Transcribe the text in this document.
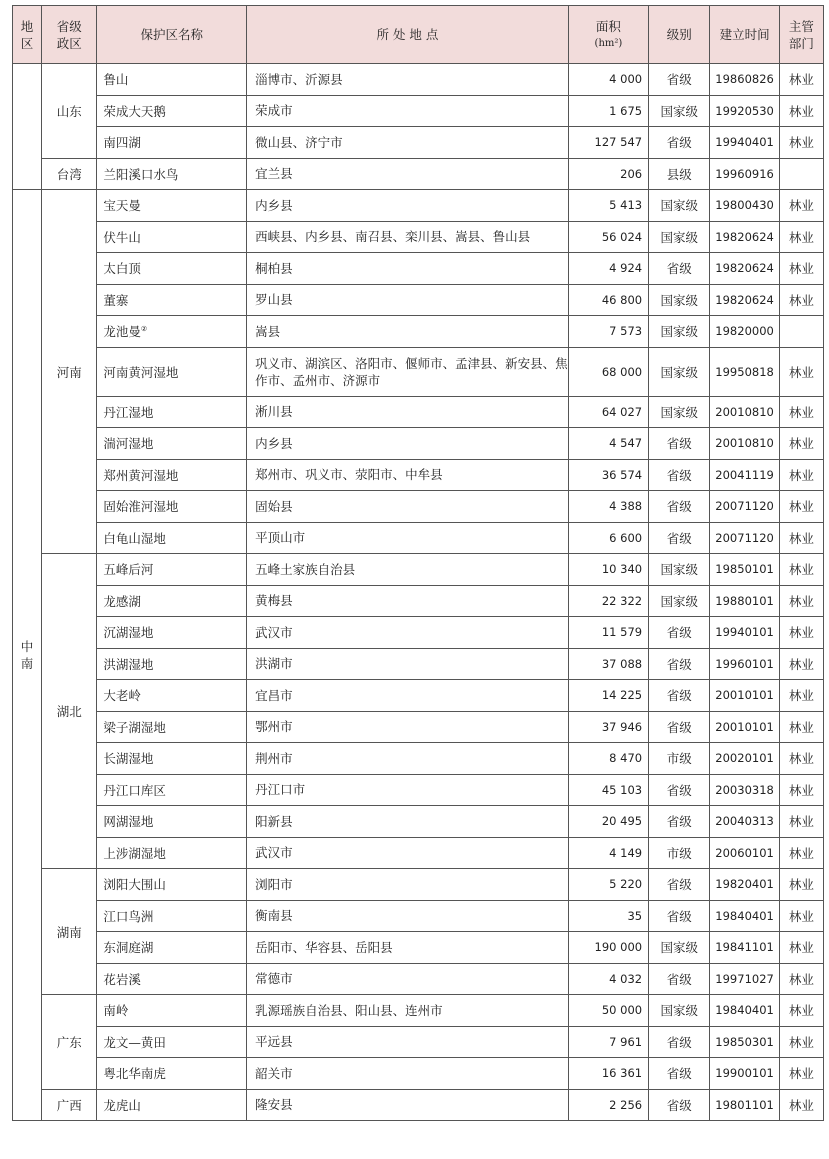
地区	省级政区	保护区名称	所 处 地 点	面积
(hm²)	级别	建立时间	主管部门
	山东	鲁山	淄博市、沂源县	4 000	省级	19860826	林业
		荣成大天鹅	荣成市	1 675	国家级	19920530	林业
		南四湖	微山县、济宁市	127 547	省级	19940401	林业
	台湾	兰阳溪口水鸟	宜兰县	206	县级	19960916	
中南	河南	宝天曼	内乡县	5 413	国家级	19800430	林业
		伏牛山	西峡县、内乡县、南召县、栾川县、嵩县、鲁山县	56 024	国家级	19820624	林业
		太白顶	桐柏县	4 924	省级	19820624	林业
		董寨	罗山县	46 800	国家级	19820624	林业
		龙池曼②	嵩县	7 573	国家级	19820000	
		河南黄河湿地	巩义市、湖滨区、洛阳市、偃师市、孟津县、新安县、焦作市、孟州市、济源市	68 000	国家级	19950818	林业
		丹江湿地	淅川县	64 027	国家级	20010810	林业
		湍河湿地	内乡县	4 547	省级	20010810	林业
		郑州黄河湿地	郑州市、巩义市、荥阳市、中牟县	36 574	省级	20041119	林业
		固始淮河湿地	固始县	4 388	省级	20071120	林业
		白龟山湿地	平顶山市	6 600	省级	20071120	林业
	湖北	五峰后河	五峰土家族自治县	10 340	国家级	19850101	林业
		龙感湖	黄梅县	22 322	国家级	19880101	林业
		沉湖湿地	武汉市	11 579	省级	19940101	林业
		洪湖湿地	洪湖市	37 088	省级	19960101	林业
		大老岭	宜昌市	14 225	省级	20010101	林业
		梁子湖湿地	鄂州市	37 946	省级	20010101	林业
		长湖湿地	荆州市	8 470	市级	20020101	林业
		丹江口库区	丹江口市	45 103	省级	20030318	林业
		网湖湿地	阳新县	20 495	省级	20040313	林业
		上涉湖湿地	武汉市	4 149	市级	20060101	林业
	湖南	浏阳大围山	浏阳市	5 220	省级	19820401	林业
		江口鸟洲	衡南县	35	省级	19840401	林业
		东洞庭湖	岳阳市、华容县、岳阳县	190 000	国家级	19841101	林业
		花岩溪	常德市	4 032	省级	19971027	林业
	广东	南岭	乳源瑶族自治县、阳山县、连州市	50 000	国家级	19840401	林业
		龙文—黄田	平远县	7 961	省级	19850301	林业
		粤北华南虎	韶关市	16 361	省级	19900101	林业
	广西	龙虎山	隆安县	2 256	省级	19801101	林业
